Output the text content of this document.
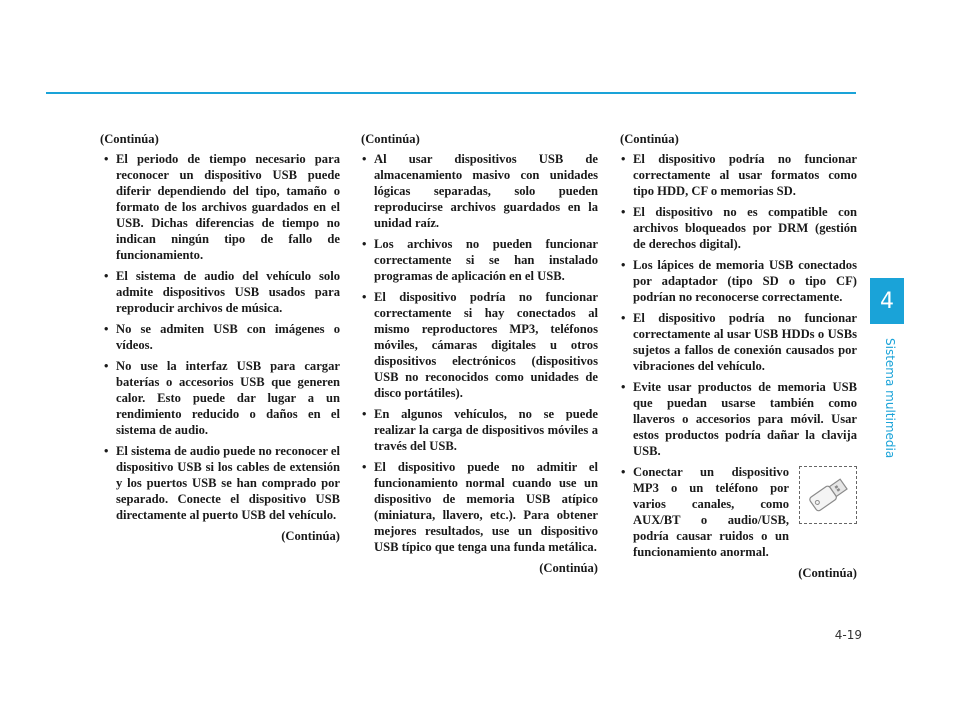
4
Sistema multimedia
(Continúa)
• El periodo de tiempo necesario para reconocer un dispositivo USB puede diferir dependiendo del tipo, tamaño o formato de los archivos guardados en el USB. Dichas diferencias de tiempo no indican ningún tipo de fallo de funcionamiento.
• El sistema de audio del vehículo solo admite dispositivos USB usados para reproducir archivos de música.
• No se admiten USB con imágenes o vídeos.
• No use la interfaz USB para cargar baterías o accesorios USB que generen calor. Esto puede dar lugar a un rendimiento reducido o daños en el sistema de audio.
• El sistema de audio puede no reconocer el dispositivo USB si los cables de extensión y los puertos USB se han comprado por separado. Conecte el dispositivo USB directamente al puerto USB del vehículo.
(Continúa)
(Continúa)
• Al usar dispositivos USB de almacenamiento masivo con unidades lógicas separadas, solo pueden reproducirse archivos guardados en la unidad raíz.
• Los archivos no pueden funcionar correctamente si se han instalado programas de aplicación en el USB.
• El dispositivo podría no funcionar correctamente si hay conectados al mismo reproductores MP3, teléfonos móviles, cámaras digitales u otros dispositivos electrónicos (dispositivos USB no reconocidos como unidades de disco portátiles).
• En algunos vehículos, no se puede realizar la carga de dispositivos móviles a través del USB.
• El dispositivo puede no admitir el funcionamiento normal cuando use un dispositivo de memoria USB atípico (miniatura, llavero, etc.). Para obtener mejores resultados, use un dispositivo USB típico que tenga una funda metálica.
(Continúa)
(Continúa)
• El dispositivo podría no funcionar correctamente al usar formatos como tipo HDD, CF o memorias SD.
• El dispositivo no es compatible con archivos bloqueados por DRM (gestión de derechos digital).
• Los lápices de memoria USB conectados por adaptador (tipo SD o tipo CF) podrían no reconocerse correctamente.
• El dispositivo podría no funcionar correctamente al usar USB HDDs o USBs sujetos a fallos de conexión causados por vibraciones del vehículo.
• Evite usar productos de memoria USB que puedan usarse también como llaveros o accesorios para móvil. Usar estos productos podría dañar la clavija USB.
• Conectar un dispositivo MP3 o un teléfono por varios canales, como AUX/BT o audio/USB, podría causar ruidos o un funcionamiento anormal.
(Continúa)
4-19
